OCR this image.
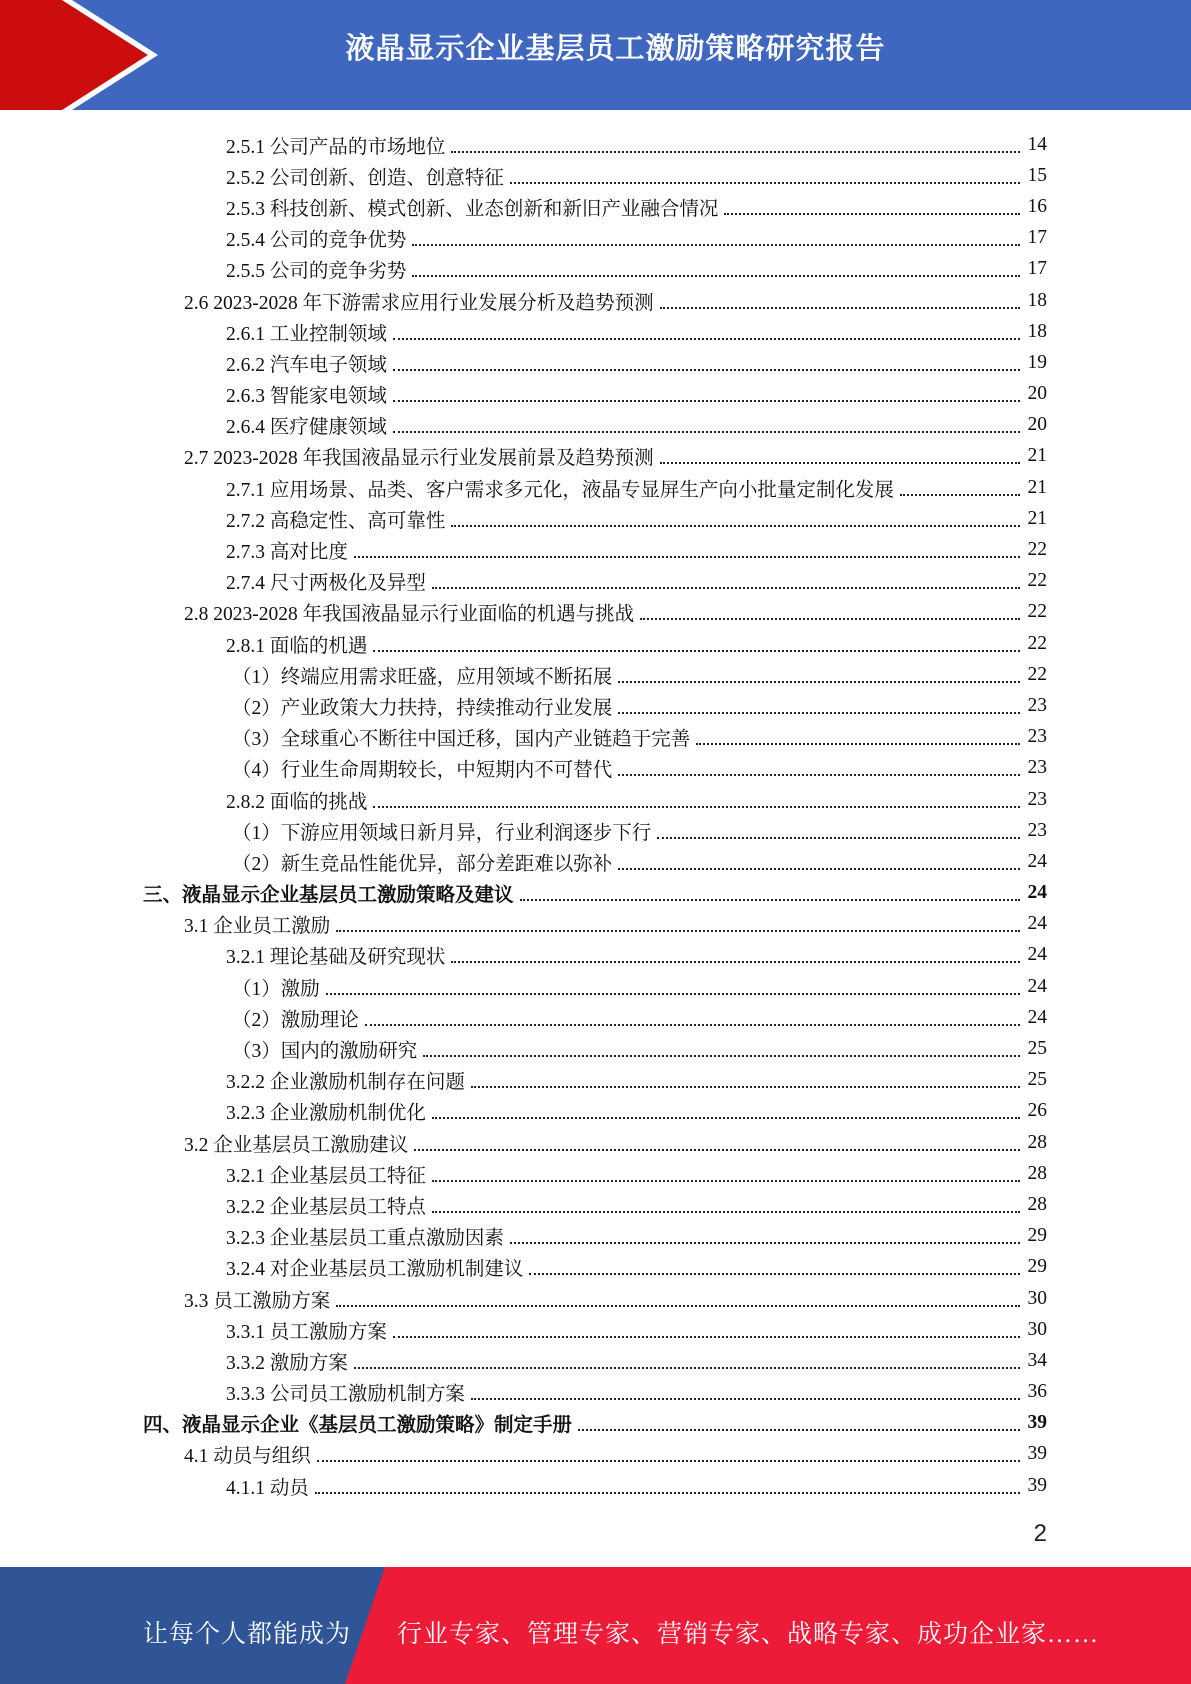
液晶显示企业基层员工激励策略研究报告
2.5.1 公司产品的市场地位	14
2.5.2 公司创新、创造、创意特征	15
2.5.3 科技创新、模式创新、业态创新和新旧产业融合情况	16
2.5.4 公司的竞争优势	17
2.5.5 公司的竞争劣势	17
2.6 2023-2028 年下游需求应用行业发展分析及趋势预测	18
2.6.1 工业控制领域	18
2.6.2 汽车电子领域	19
2.6.3 智能家电领域	20
2.6.4 医疗健康领域	20
2.7 2023-2028 年我国液晶显示行业发展前景及趋势预测	21
2.7.1 应用场景、品类、客户需求多元化，液晶专显屏生产向小批量定制化发展	21
2.7.2 高稳定性、高可靠性	21
2.7.3 高对比度	22
2.7.4 尺寸两极化及异型	22
2.8 2023-2028 年我国液晶显示行业面临的机遇与挑战	22
2.8.1 面临的机遇	22
（1）终端应用需求旺盛，应用领域不断拓展	22
（2）产业政策大力扶持，持续推动行业发展	23
（3）全球重心不断往中国迁移，国内产业链趋于完善	23
（4）行业生命周期较长，中短期内不可替代	23
2.8.2 面临的挑战	23
（1）下游应用领域日新月异，行业利润逐步下行	23
（2）新生竞品性能优异，部分差距难以弥补	24
三、液晶显示企业基层员工激励策略及建议	24
3.1 企业员工激励	24
3.2.1 理论基础及研究现状	24
（1）激励	24
（2）激励理论	24
（3）国内的激励研究	25
3.2.2 企业激励机制存在问题	25
3.2.3 企业激励机制优化	26
3.2 企业基层员工激励建议	28
3.2.1 企业基层员工特征	28
3.2.2 企业基层员工特点	28
3.2.3 企业基层员工重点激励因素	29
3.2.4 对企业基层员工激励机制建议	29
3.3 员工激励方案	30
3.3.1 员工激励方案	30
3.3.2 激励方案	34
3.3.3 公司员工激励机制方案	36
四、液晶显示企业《基层员工激励策略》制定手册	39
4.1 动员与组织	39
4.1.1 动员	39
2
让每个人都能成为 行业专家、管理专家、营销专家、战略专家、成功企业家……
